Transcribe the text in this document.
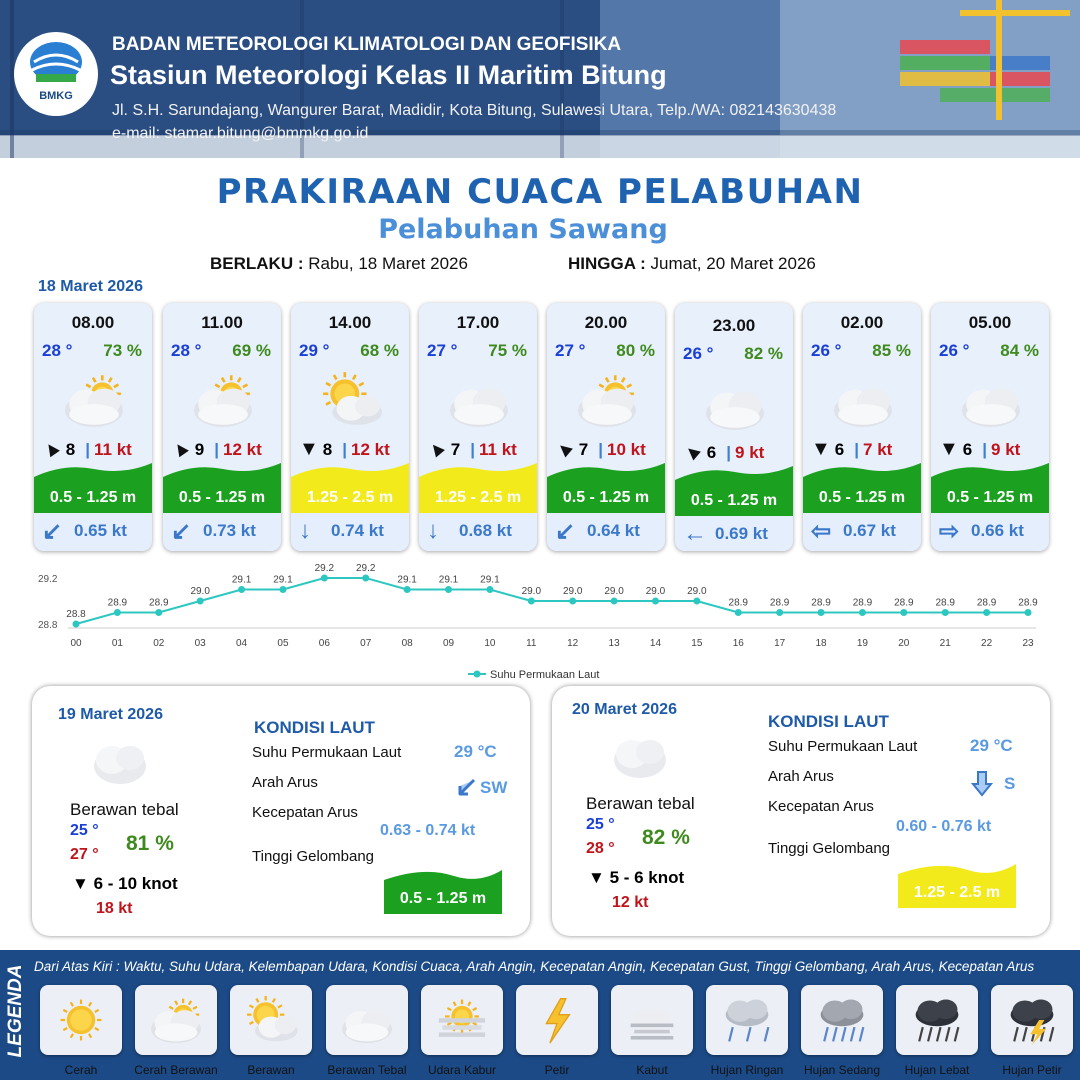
BMKG
BADAN METEOROLOGI KLIMATOLOGI DAN GEOFISIKA
Stasiun Meteorologi Kelas II Maritim Bitung
Jl. S.H. Sarundajang, Wangurer Barat, Madidir, Kota Bitung, Sulawesi Utara, Telp./WA: 082143630438
e-mail: stamar.bitung@bmmkg.go.id
PRAKIRAAN CUACA PELABUHAN
Pelabuhan Sawang
BERLAKU : Rabu, 18 Maret 2026	HINGGA : Jumat, 20 Maret 2026
18 Maret 2026
08.00
28 ° 73 %
▲8 | 11 kt
0.5 - 1.25 m
↙ 0.65 kt
11.00
28 ° 69 %
▲9 | 12 kt
0.5 - 1.25 m
↙ 0.73 kt
14.00
29 ° 68 %
▼ 8 | 12 kt
1.25 - 2.5 m
↓ 0.74 kt
17.00
27 ° 75 %
▲7 | 11 kt
1.25 - 2.5 m
↓ 0.68 kt
20.00
27 ° 80 %
▲7 | 10 kt
0.5 - 1.25 m
↙ 0.64 kt
23.00
26 ° 82 %
▲6 | 9 kt
0.5 - 1.25 m
← 0.69 kt
02.00
26 ° 85 %
▼ 6 | 7 kt
0.5 - 1.25 m
⇦ 0.67 kt
05.00
26 ° 84 %
▼ 6 | 9 kt
0.5 - 1.25 m
⇨ 0.66 kt
29.2
28.8
28.8
00
28.9
01
28.9
02
29.0
03
29.1
04
29.1
05
29.2
06
29.2
07
29.1
08
29.1
09
29.1
10
29.0
11
29.0
12
29.0
13
29.0
14
29.0
15
28.9
16
28.9
17
28.9
18
28.9
19
28.9
20
28.9
21
28.9
22
28.9
23
Suhu Permukaan Laut
19 Maret 2026
Berawan tebal
25 °
27 ° 81 %
▼ 6 - 10 knot
18 kt
KONDISI LAUT
Suhu Permukaan Laut	29 °C
Arah Arus	SW
Kecepatan Arus
0.63 - 0.74 kt
Tinggi Gelombang
0.5 - 1.25 m
20 Maret 2026
Berawan tebal
25 °
28 ° 82 %
▼ 5 - 6 knot
12 kt
KONDISI LAUT
Suhu Permukaan Laut	29 °C
Arah Arus	S
Kecepatan Arus
0.60 - 0.76 kt
Tinggi Gelombang
1.25 - 2.5 m
LEGENDA Dari Atas Kiri : Waktu, Suhu Udara, Kelembapan Udara, Kondisi Cuaca, Arah Angin, Kecepatan Angin, Kecepatan Gust, Tinggi Gelombang, Arah Arus, Kecepatan Arus
Cerah	Cerah Berawan	Berawan	Berawan Tebal	Udara Kabur	Petir	Kabut	Hujan Ringan	Hujan Sedang	Hujan Lebat	Hujan Petir
